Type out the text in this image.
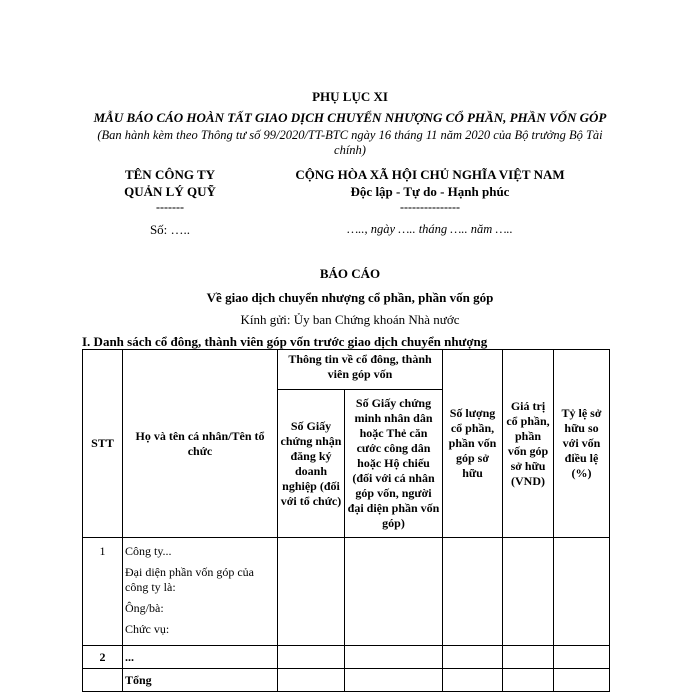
PHỤ LỤC XI
MẪU BÁO CÁO HOÀN TẤT GIAO DỊCH CHUYỂN NHƯỢNG CỔ PHẦN, PHẦN VỐN GÓP
(Ban hành kèm theo Thông tư số 99/2020/TT-BTC ngày 16 tháng 11 năm 2020 của Bộ trưởng Bộ Tài chính)
TÊN CÔNG TY
QUẢN LÝ QUỸ
-------
Số: …..
CỘNG HÒA XÃ HỘI CHỦ NGHĨA VIỆT NAM
Độc lập - Tự do - Hạnh phúc
---------------
….., ngày ….. tháng ….. năm …..
BÁO CÁO
Về giao dịch chuyển nhượng cổ phần, phần vốn góp
Kính gửi: Ủy ban Chứng khoán Nhà nước
I. Danh sách cổ đông, thành viên góp vốn trước giao dịch chuyển nhượng
STT	Họ và tên cá nhân/Tên tổ chức	Thông tin về cổ đông, thành viên góp vốn		Số lượng cổ phần, phần vốn góp sở hữu	Giá trị cổ phần, phần vốn góp sở hữu (VND)	Tỷ lệ sở hữu so với vốn điều lệ (%)
		Số Giấy chứng nhận đăng ký doanh nghiệp (đối với tổ chức)	Số Giấy chứng minh nhân dân hoặc Thẻ căn cước công dân hoặc Hộ chiếu (đối với cá nhân góp vốn, người đại diện phần vốn góp)			
1	Công ty...

Đại diện phần vốn góp của công ty là:

Ông/bà:

Chức vụ:					

2	...					
	Tổng					
